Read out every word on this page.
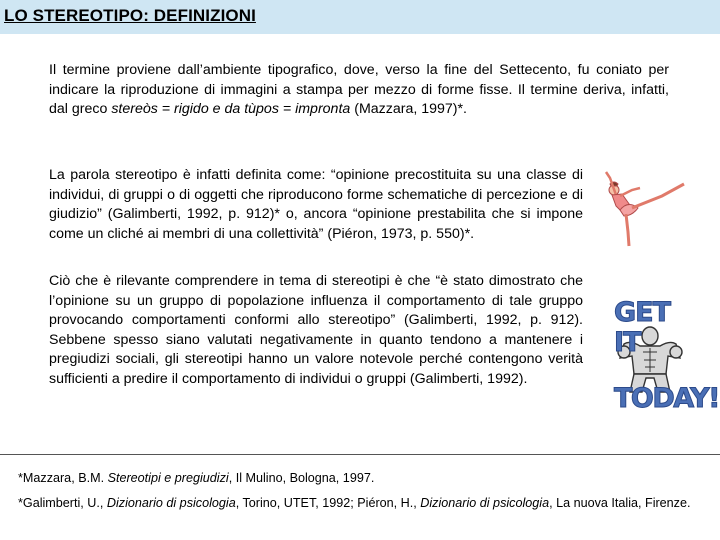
LO STEREOTIPO: DEFINIZIONI
Il termine proviene dall’ambiente tipografico, dove, verso la fine del Settecento, fu coniato per indicare la riproduzione di immagini a stampa per mezzo di forme fisse. Il termine deriva, infatti, dal greco stereòs = rigido e da tùpos = impronta (Mazzara, 1997)*.
La parola stereotipo è infatti definita come: “opinione precostituita su una classe di individui, di gruppi o di oggetti che riproducono forme schematiche di percezione e di giudizio” (Galimberti, 1992, p. 912)* o, ancora “opinione prestabilita che si impone come un cliché ai membri di una collettività” (Piéron, 1973, p. 550)*.
Ciò che è rilevante comprendere in tema di stereotipi è che “è stato dimostrato che l’opinione su un gruppo di popolazione influenza il comportamento di tale gruppo provocando comportamenti conformi allo stereotipo” (Galimberti, 1992, p. 912). Sebbene spesso siano valutati negativamente in quanto tendono a mantenere i pregiudizi sociali, gli stereotipi hanno un valore notevole perché contengono verità sufficienti a predire il comportamento di individui o gruppi (Galimberti, 1992).
GET IT
TODAY!
*Mazzara, B.M. Stereotipi e pregiudizi, Il Mulino, Bologna, 1997.
*Galimberti, U., Dizionario di psicologia, Torino, UTET, 1992; Piéron, H., Dizionario di psicologia, La nuova Italia, Firenze.
